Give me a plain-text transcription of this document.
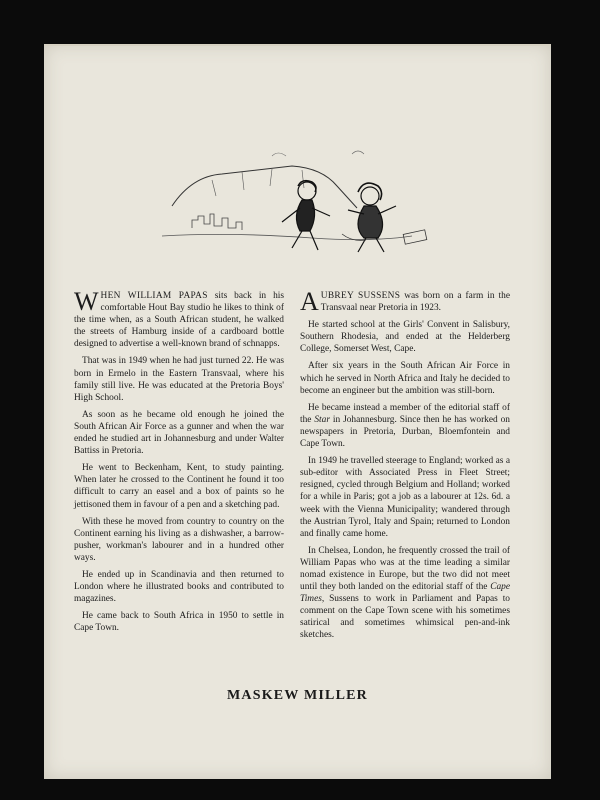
WHEN WILLIAM PAPAS sits back in his comfortable Hout Bay studio he likes to think of the time when, as a South African student, he walked the streets of Hamburg inside of a cardboard bottle designed to advertise a well-known brand of schnapps.

That was in 1949 when he had just turned 22. He was born in Ermelo in the Eastern Transvaal, where his family still live. He was educated at the Pretoria Boys' High School.

As soon as he became old enough he joined the South African Air Force as a gunner and when the war ended he studied art in Johannesburg and under Walter Battiss in Pretoria.

He went to Beckenham, Kent, to study painting. When later he crossed to the Continent he found it too difficult to carry an easel and a box of paints so he jettisoned them in favour of a pen and a sketching pad.

With these he moved from country to country on the Continent earning his living as a dishwasher, a barrow-pusher, workman's labourer and in a hundred other ways.

He ended up in Scandinavia and then returned to London where he illustrated books and contributed to magazines.

He came back to South Africa in 1950 to settle in Cape Town.

AUBREY SUSSENS was born on a farm in the Transvaal near Pretoria in 1923.

He started school at the Girls' Convent in Salisbury, Southern Rhodesia, and ended at the Helderberg College, Somerset West, Cape.

After six years in the South African Air Force in which he served in North Africa and Italy he decided to become an engineer but the ambition was still-born.

He became instead a member of the editorial staff of the Star in Johannesburg. Since then he has worked on newspapers in Pretoria, Durban, Bloemfontein and Cape Town.

In 1949 he travelled steerage to England; worked as a sub-editor with Associated Press in Fleet Street; resigned, cycled through Belgium and Holland; worked for a while in Paris; got a job as a labourer at 12s. 6d. a week with the Vienna Municipality; wandered through the Austrian Tyrol, Italy and Spain; returned to London and finally came home.

In Chelsea, London, he frequently crossed the trail of William Papas who was at the time leading a similar nomad existence in Europe, but the two did not meet until they both landed on the editorial staff of the Cape Times, Sussens to work in Parliament and Papas to comment on the Cape Town scene with his sometimes satirical and sometimes whimsical pen-and-ink sketches.

MASKEW MILLER
